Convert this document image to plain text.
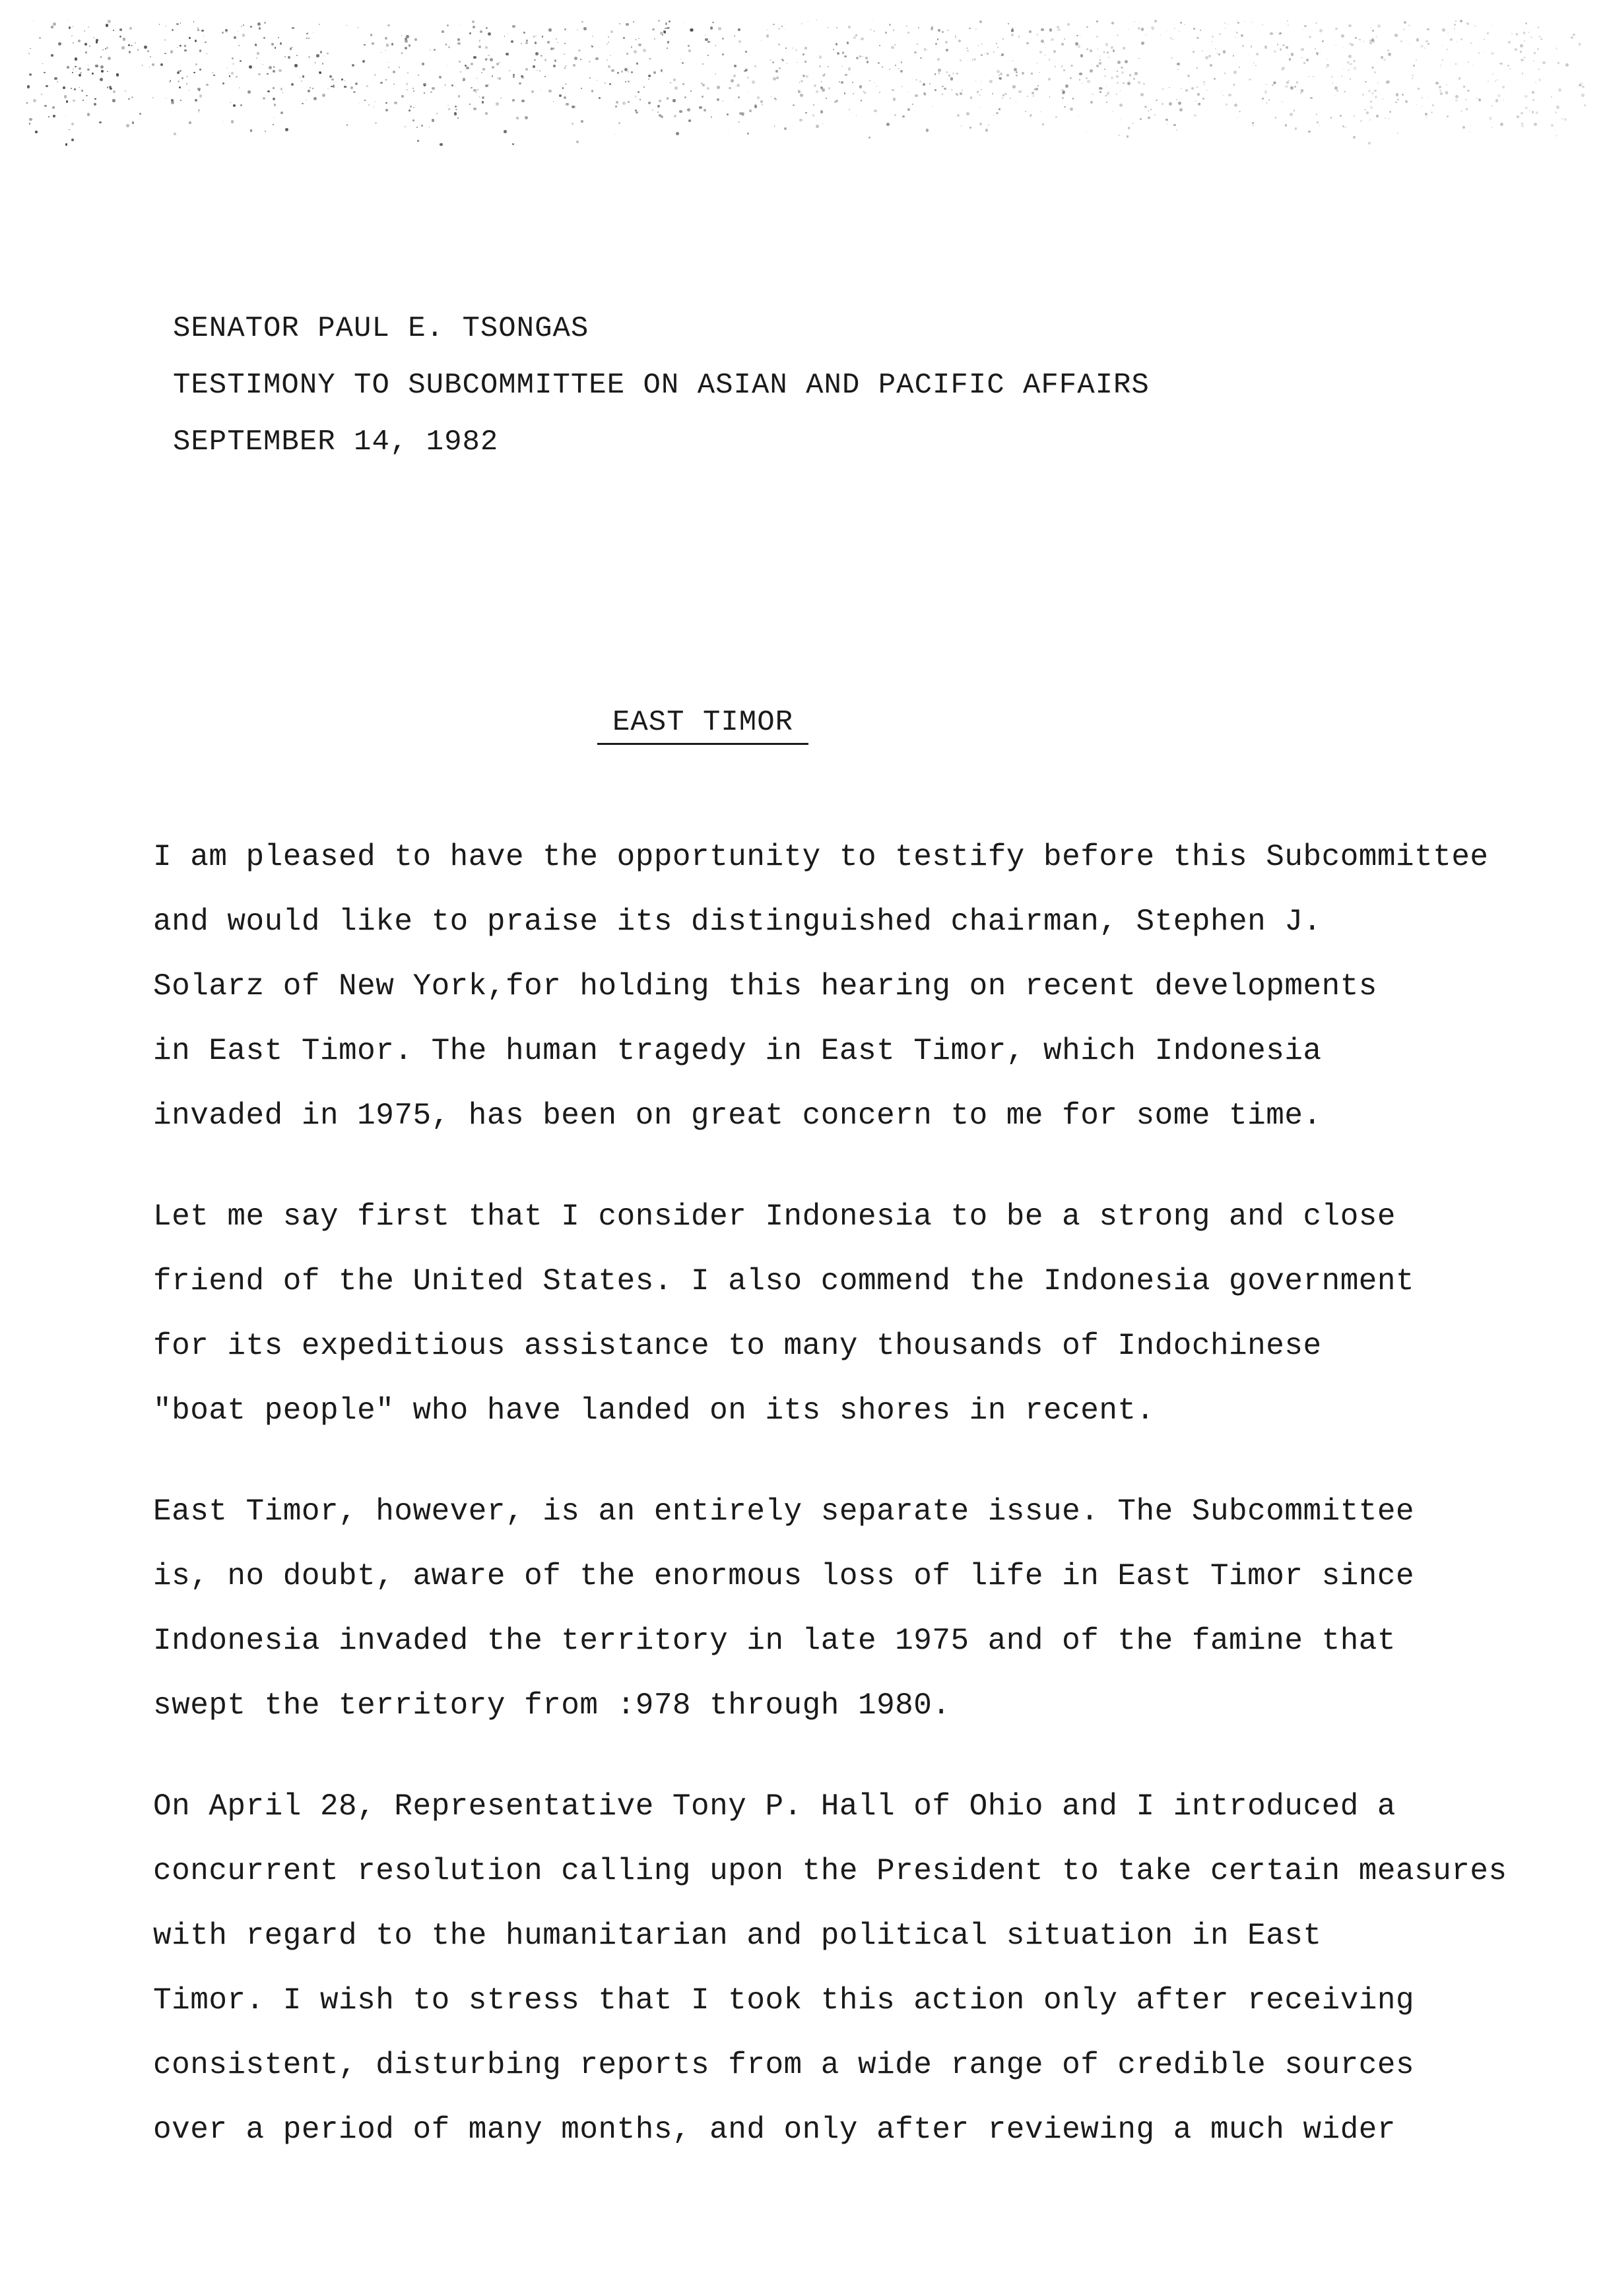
SENATOR PAUL E. TSONGAS
TESTIMONY TO SUBCOMMITTEE ON ASIAN AND PACIFIC AFFAIRS
SEPTEMBER 14, 1982
EAST TIMOR
I am pleased to have the opportunity to testify before this Subcommittee
and would like to praise its distinguished chairman, Stephen J.
Solarz of New York,for holding this hearing on recent developments
in East Timor. The human tragedy in East Timor, which Indonesia
invaded in 1975, has been on great concern to me for some time.
Let me say first that I consider Indonesia to be a strong and close
friend of the United States. I also commend the Indonesia government
for its expeditious assistance to many thousands of Indochinese
"boat people" who have landed on its shores in recent.
East Timor, however, is an entirely separate issue. The Subcommittee
is, no doubt, aware of the enormous loss of life in East Timor since
Indonesia invaded the territory in late 1975 and of the famine that
swept the territory from :978 through 1980.
On April 28, Representative Tony P. Hall of Ohio and I introduced a
concurrent resolution calling upon the President to take certain measures
with regard to the humanitarian and political situation in East
Timor. I wish to stress that I took this action only after receiving
consistent, disturbing reports from a wide range of credible sources
over a period of many months, and only after reviewing a much wider
